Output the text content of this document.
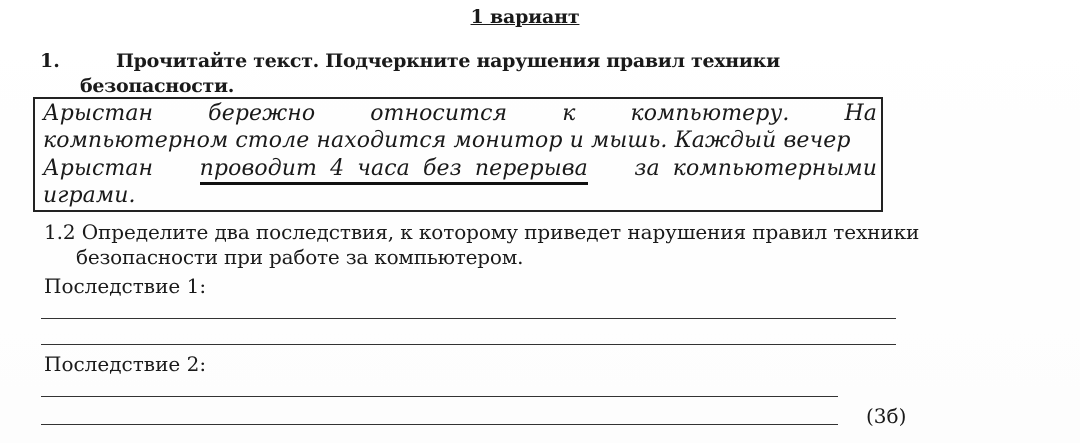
1 вариант
1.	Прочитайте текст. Подчеркните нарушения правил техники
безопасности.
Арыстан	бережно	относится	к	компьютеру.	На
компьютерном столе находится монитор и мышь. Каждый вечер
Арыстан проводит 4 часа без перерыва за компьютерными
играми.
1.2 Определите два последствия, к которому приведет нарушения правил техники
безопасности при работе за компьютером.
Последствие 1:
Последствие 2:
(3б)
